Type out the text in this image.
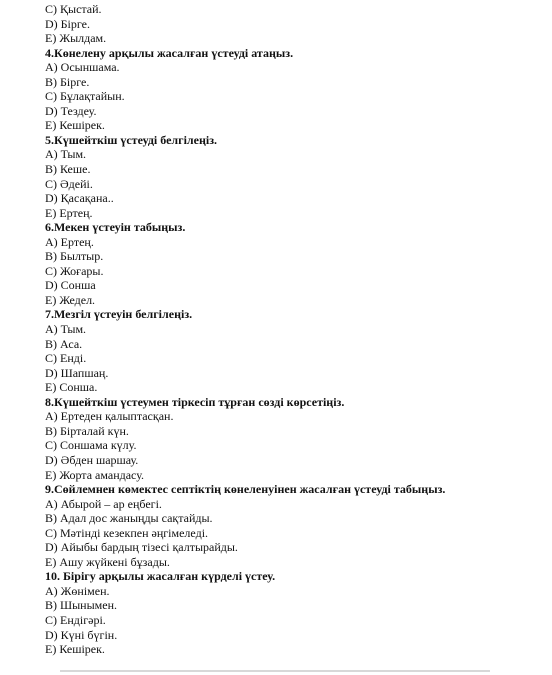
С) Қыстай.
D) Бірге.
E) Жылдам.
4.Көнелену арқылы жасалған үстеуді атаңыз.
А) Осыншама.
В) Бірге.
С) Бұлақтайын.
D) Тездеу.
E) Кешірек.
5.Күшейткіш үстеуді белгілеңіз.
А) Тым.
В) Кеше.
С) Әдейі.
D) Қасақана..
E) Ертең.
6.Мекен үстеуін табыңыз.
А) Ертең.
В) Былтыр.
С) Жоғары.
D) Сонша
E) Жедел.
7.Мезгіл үстеуін белгілеңіз.
А) Тым.
В) Аса.
С) Енді.
D) Шапшаң.
E) Сонша.
8.Күшейткіш үстеумен тіркесіп тұрған сөзді көрсетіңіз.
А) Ертеден қалыптасқан.
В) Бірталай күн.
С) Соншама күлу.
D) Әбден шаршау.
E) Жорта амандасу.
9.Сөйлемнен көмектес септіктің көнеленуінен жасалған үстеуді табыңыз.
А) Абырой – ар еңбегі.
В) Адал дос жаныңды сақтайды.
С) Мәтінді кезекпен әңгімеледі.
D) Айыбы бардың тізесі қалтырайды.
E) Ашу жүйкені бұзады.
10. Бірігу арқылы жасалған күрделі үстеу.
А) Жөнімен.
В) Шынымен.
С) Ендігәрі.
D) Күні бүгін.
E) Кешірек.
